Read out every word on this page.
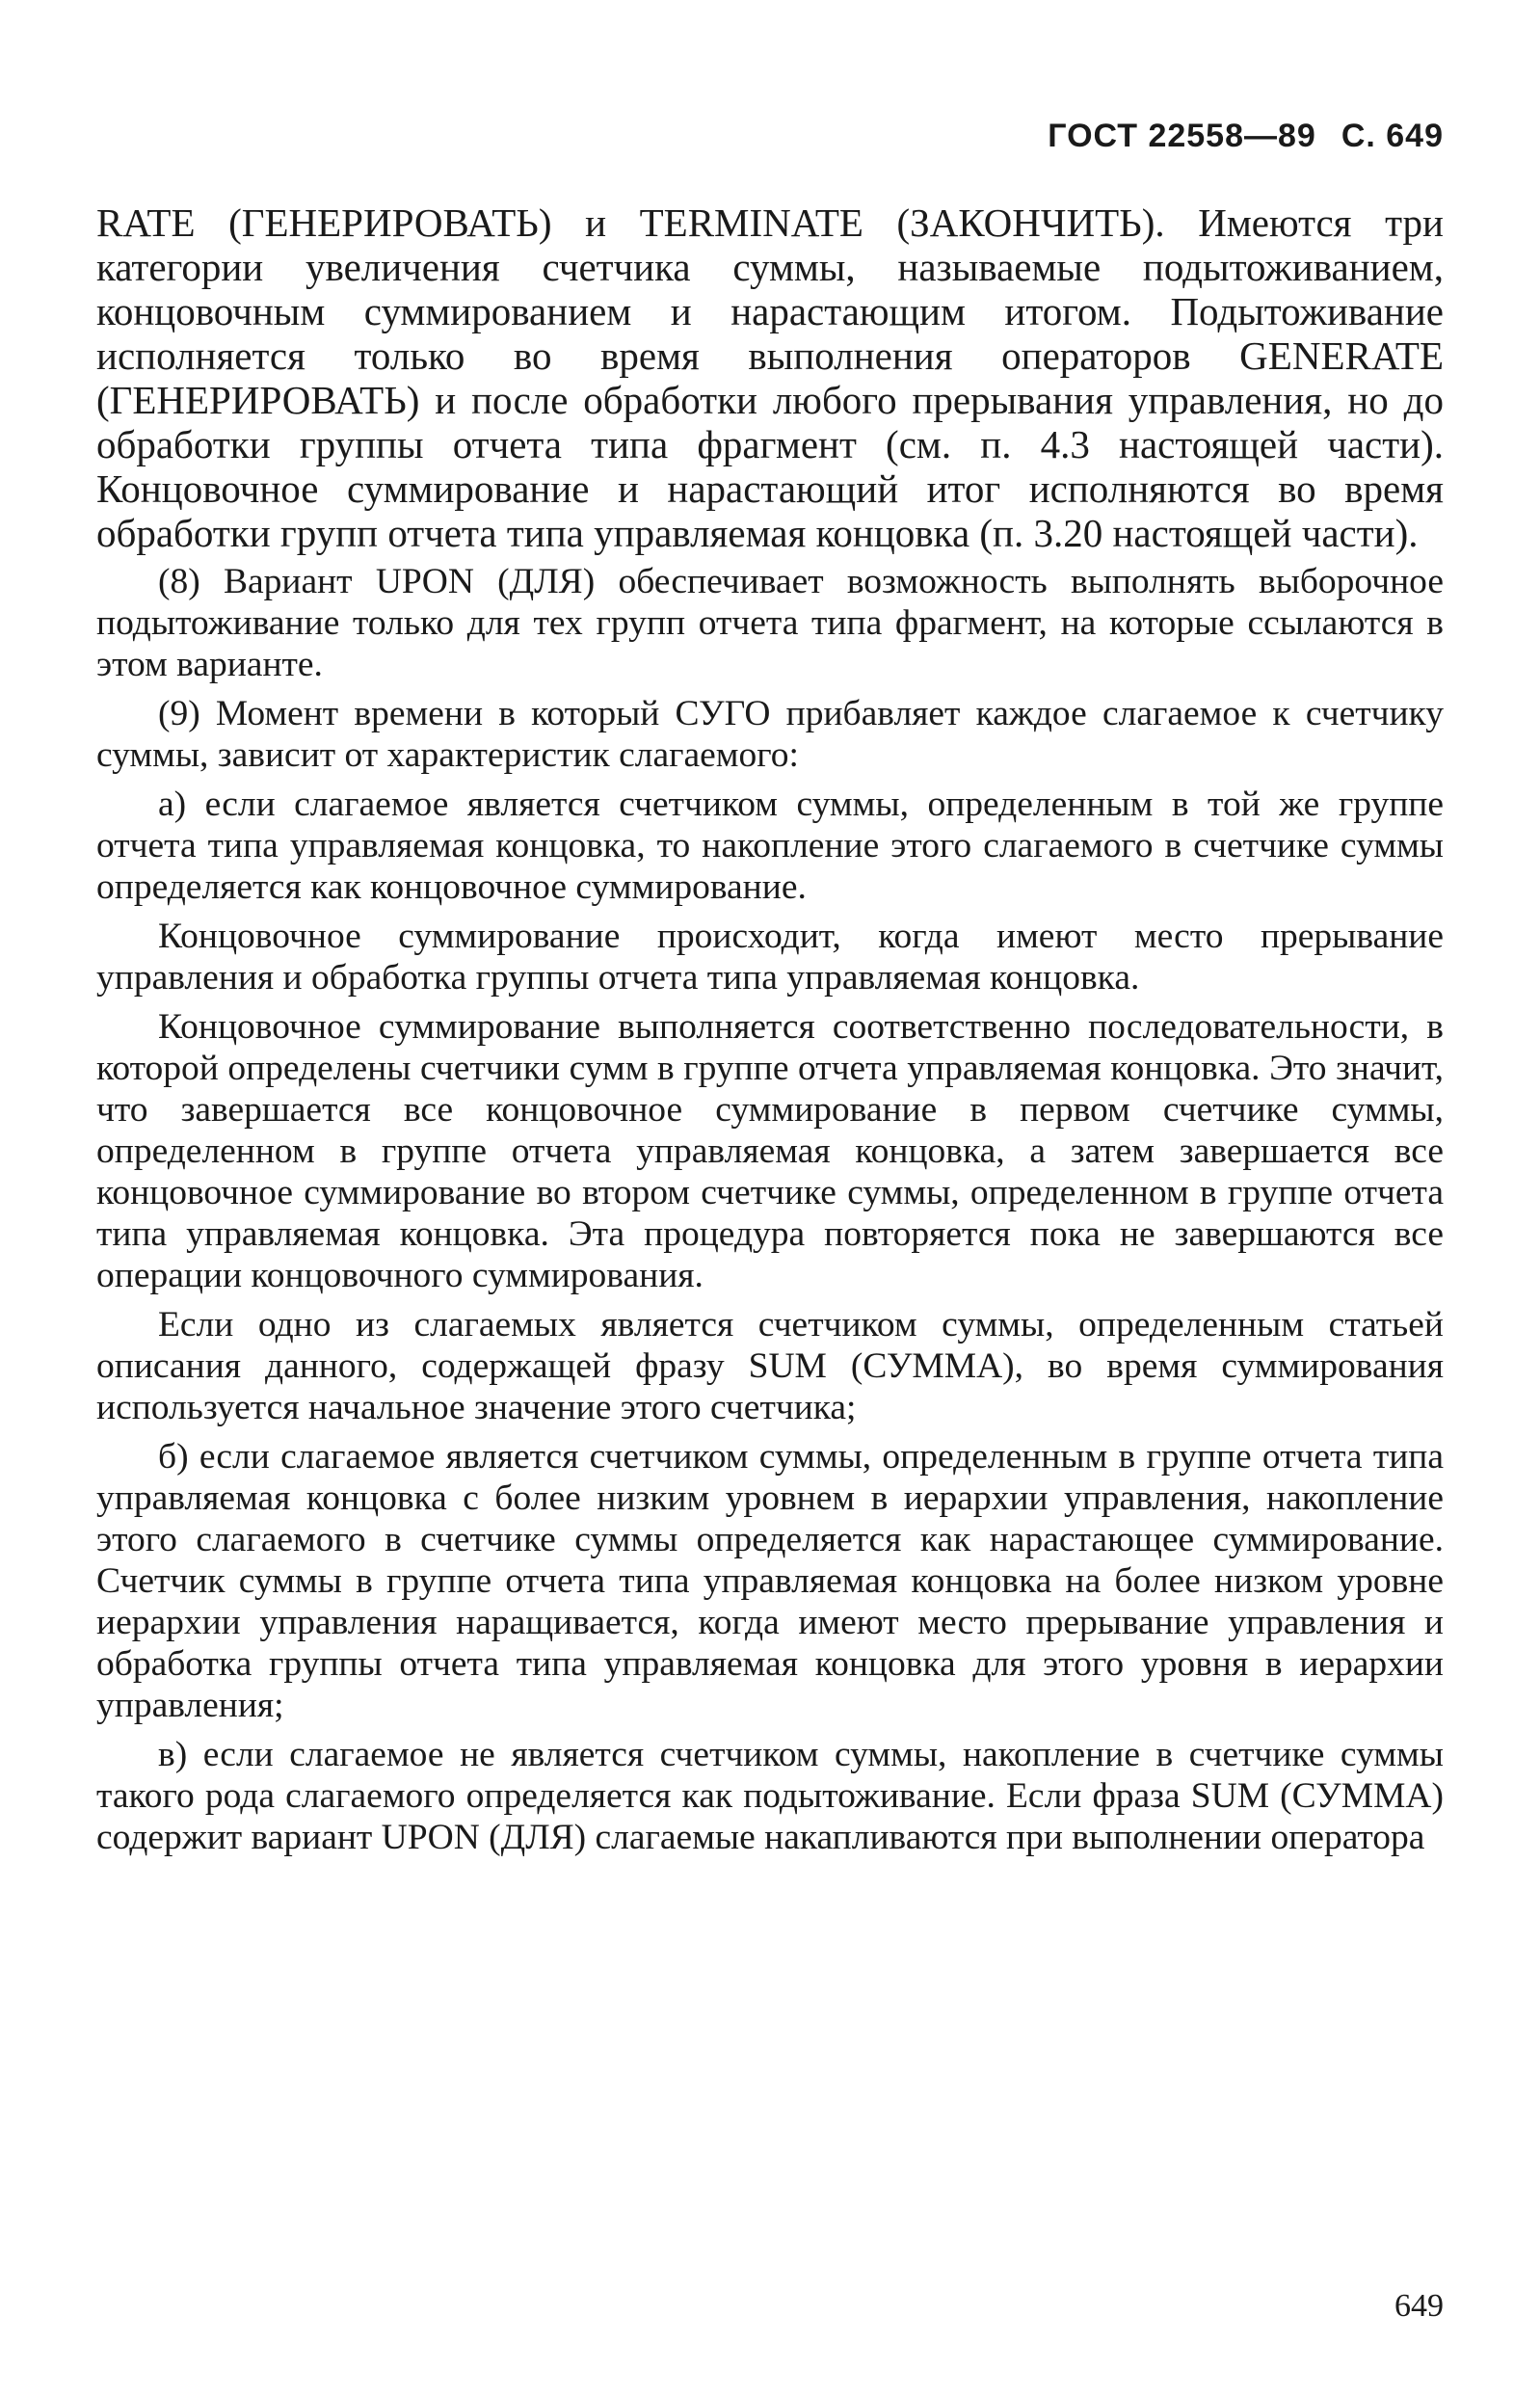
ГОСТ 22558—89 С. 649

RATE (ГЕНЕРИРОВАТЬ) и TERMINATE (ЗАКОНЧИТЬ). Имеются три категории увеличения счетчика суммы, называемые подытоживанием, концовочным суммированием и нарастающим итогом. Подытоживание исполняется только во время выполнения операторов GENERATE (ГЕНЕРИРОВАТЬ) и после обработки любого прерывания управления, но до обработки группы отчета типа фрагмент (см. п. 4.3 настоящей части). Концовочное суммирование и нарастающий итог исполняются во время обработки групп отчета типа управляемая концовка (п. 3.20 настоящей части).

(8) Вариант UPON (ДЛЯ) обеспечивает возможность выполнять выборочное подытоживание только для тех групп отчета типа фрагмент, на которые ссылаются в этом варианте.

(9) Момент времени в который СУГО прибавляет каждое слагаемое к счетчику суммы, зависит от характеристик слагаемого:

а) если слагаемое является счетчиком суммы, определенным в той же группе отчета типа управляемая концовка, то накопление этого слагаемого в счетчике суммы определяется как концовочное суммирование.

Концовочное суммирование происходит, когда имеют место прерывание управления и обработка группы отчета типа управляемая концовка.

Концовочное суммирование выполняется соответственно последовательности, в которой определены счетчики сумм в группе отчета управляемая концовка. Это значит, что завершается все концовочное суммирование в первом счетчике суммы, определенном в группе отчета управляемая концовка, а затем завершается все концовочное суммирование во втором счетчике суммы, определенном в группе отчета типа управляемая концовка. Эта процедура повторяется пока не завершаются все операции концовочного суммирования.

Если одно из слагаемых является счетчиком суммы, определенным статьей описания данного, содержащей фразу SUM (СУММА), во время суммирования используется начальное значение этого счетчика;

б) если слагаемое является счетчиком суммы, определенным в группе отчета типа управляемая концовка с более низким уровнем в иерархии управления, накопление этого слагаемого в счетчике суммы определяется как нарастающее суммирование. Счетчик суммы в группе отчета типа управляемая концовка на более низком уровне иерархии управления наращивается, когда имеют место прерывание управления и обработка группы отчета типа управляемая концовка для этого уровня в иерархии управления;

в) если слагаемое не является счетчиком суммы, накопление в счетчике суммы такого рода слагаемого определяется как подытоживание. Если фраза SUM (СУММА) содержит вариант UPON (ДЛЯ) слагаемые накапливаются при выполнении оператора

649
